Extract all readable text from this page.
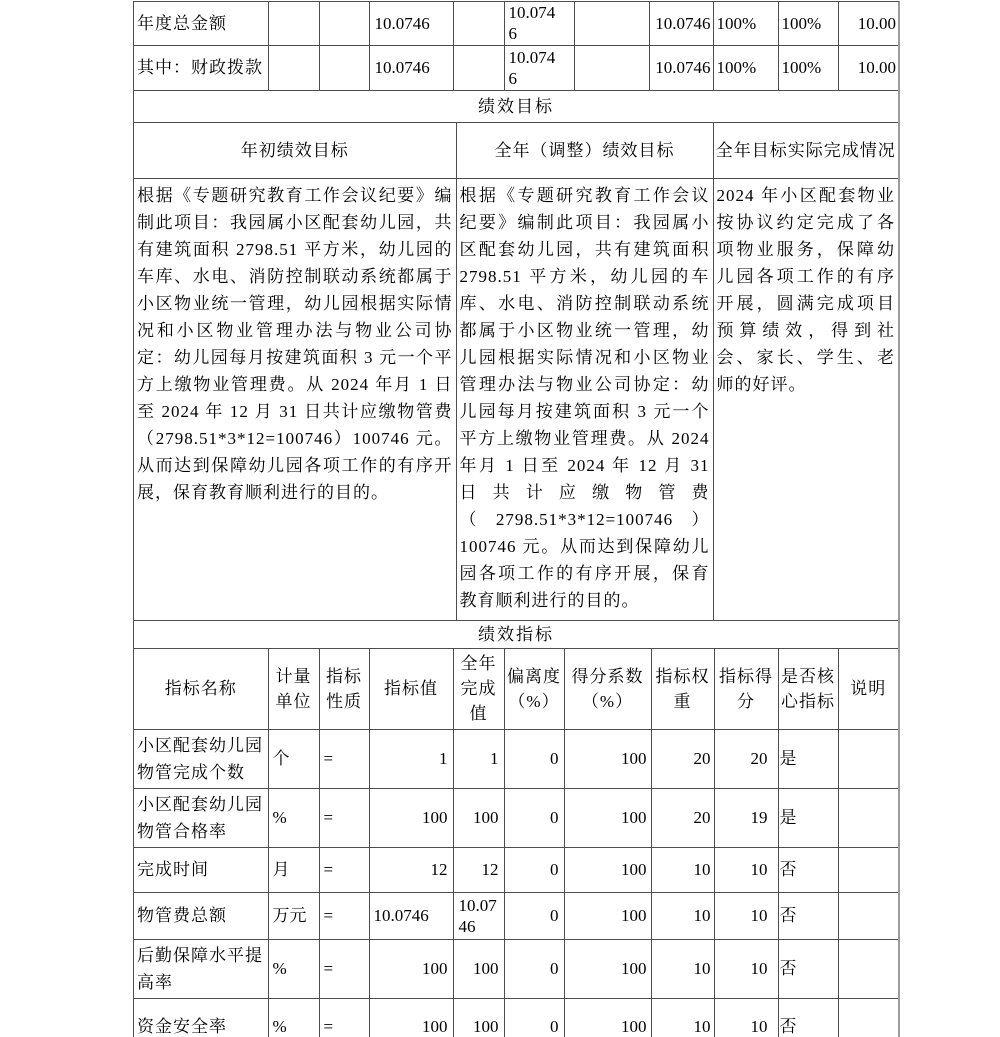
年度总金额			10.0746		10.0746		10.0746	100%	100%	10.00
其中：财政拨款			10.0746		10.0746		10.0746	100%	100%	10.00
绩效目标
年初绩效目标	全年（调整）绩效目标	全年目标实际完成情况
根据《专题研究教育工作会议纪要》编制此项目：我园属小区配套幼儿园，共有建筑面积 2798.51 平方米，幼儿园的车库、水电、消防控制联动系统都属于小区物业统一管理，幼儿园根据实际情况和小区物业管理办法与物业公司协定：幼儿园每月按建筑面积 3 元一个平方上缴物业管理费。从 2024 年月 1 日至 2024 年 12 月 31 日共计应缴物管费（2798.51*3*12=100746）100746 元。从而达到保障幼儿园各项工作的有序开展，保育教育顺利进行的目的。	根据《专题研究教育工作会议纪要》编制此项目：我园属小区配套幼儿园，共有建筑面积 2798.51 平方米，幼儿园的车库、水电、消防控制联动系统都属于小区物业统一管理，幼儿园根据实际情况和小区物业管理办法与物业公司协定：幼儿园每月按建筑面积 3 元一个平方上缴物业管理费。从 2024 年月 1 日至 2024 年 12 月 31 日共计应缴物管费（2798.51*3*12=100746）100746 元。从而达到保障幼儿园各项工作的有序开展，保育教育顺利进行的目的。	2024 年小区配套物业按协议约定完成了各项物业服务，保障幼儿园各项工作的有序开展，圆满完成项目预算绩效，得到社会、家长、学生、老师的好评。
绩效指标
指标名称	计量单位	指标性质	指标值	全年完成值	偏离度（%）	得分系数（%）	指标权重	指标得分	是否核心指标	说明
小区配套幼儿园物管完成个数	个	=	1	1	0	100	20	20	是	
小区配套幼儿园物管合格率	%	=	100	100	0	100	20	19	是	
完成时间	月	=	12	12	0	100	10	10	否	
物管费总额	万元	=	10.0746	10.0746	0	100	10	10	否	
后勤保障水平提高率	%	=	100	100	0	100	10	10	否	
资金安全率	%	=	100	100	0	100	10	10	否	
